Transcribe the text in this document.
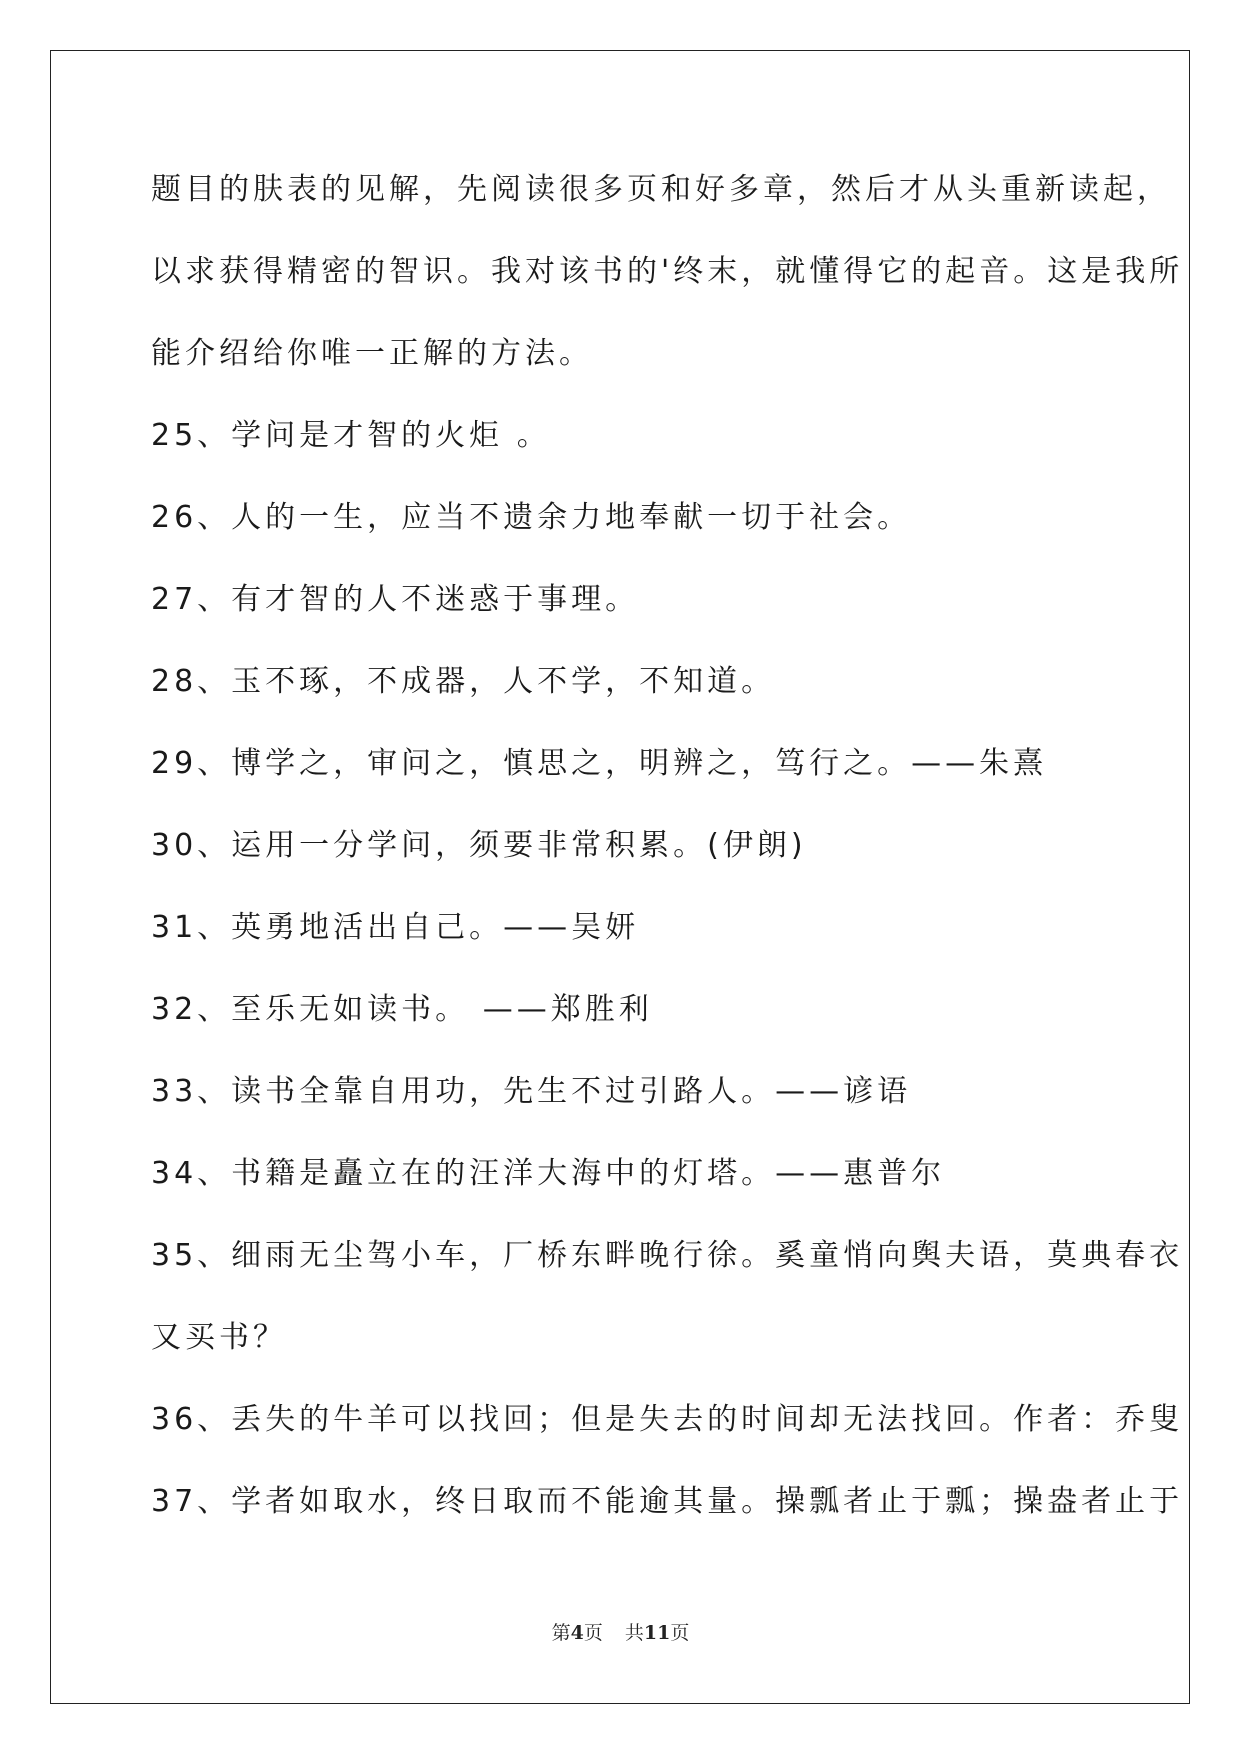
题目的肤表的见解，先阅读很多页和好多章，然后才从头重新读起，
以求获得精密的智识。我对该书的'终末，就懂得它的起音。这是我所
能介绍给你唯一正解的方法。
25、学问是才智的火炬 。
26、人的一生，应当不遗余力地奉献一切于社会。
27、有才智的人不迷惑于事理。
28、玉不琢，不成器，人不学，不知道。
29、博学之，审问之，慎思之，明辨之，笃行之。——朱熹
30、运用一分学问，须要非常积累。(伊朗)
31、英勇地活出自己。——吴妍
32、至乐无如读书。 ——郑胜利
33、读书全靠自用功，先生不过引路人。——谚语
34、书籍是矗立在的汪洋大海中的灯塔。——惠普尔
35、细雨无尘驾小车，厂桥东畔晚行徐。奚童悄向舆夫语，莫典春衣
又买书？
36、丢失的牛羊可以找回；但是失去的时间却无法找回。作者：乔叟
37、学者如取水，终日取而不能逾其量。操瓢者止于瓢；操盎者止于
第4页 共11页
